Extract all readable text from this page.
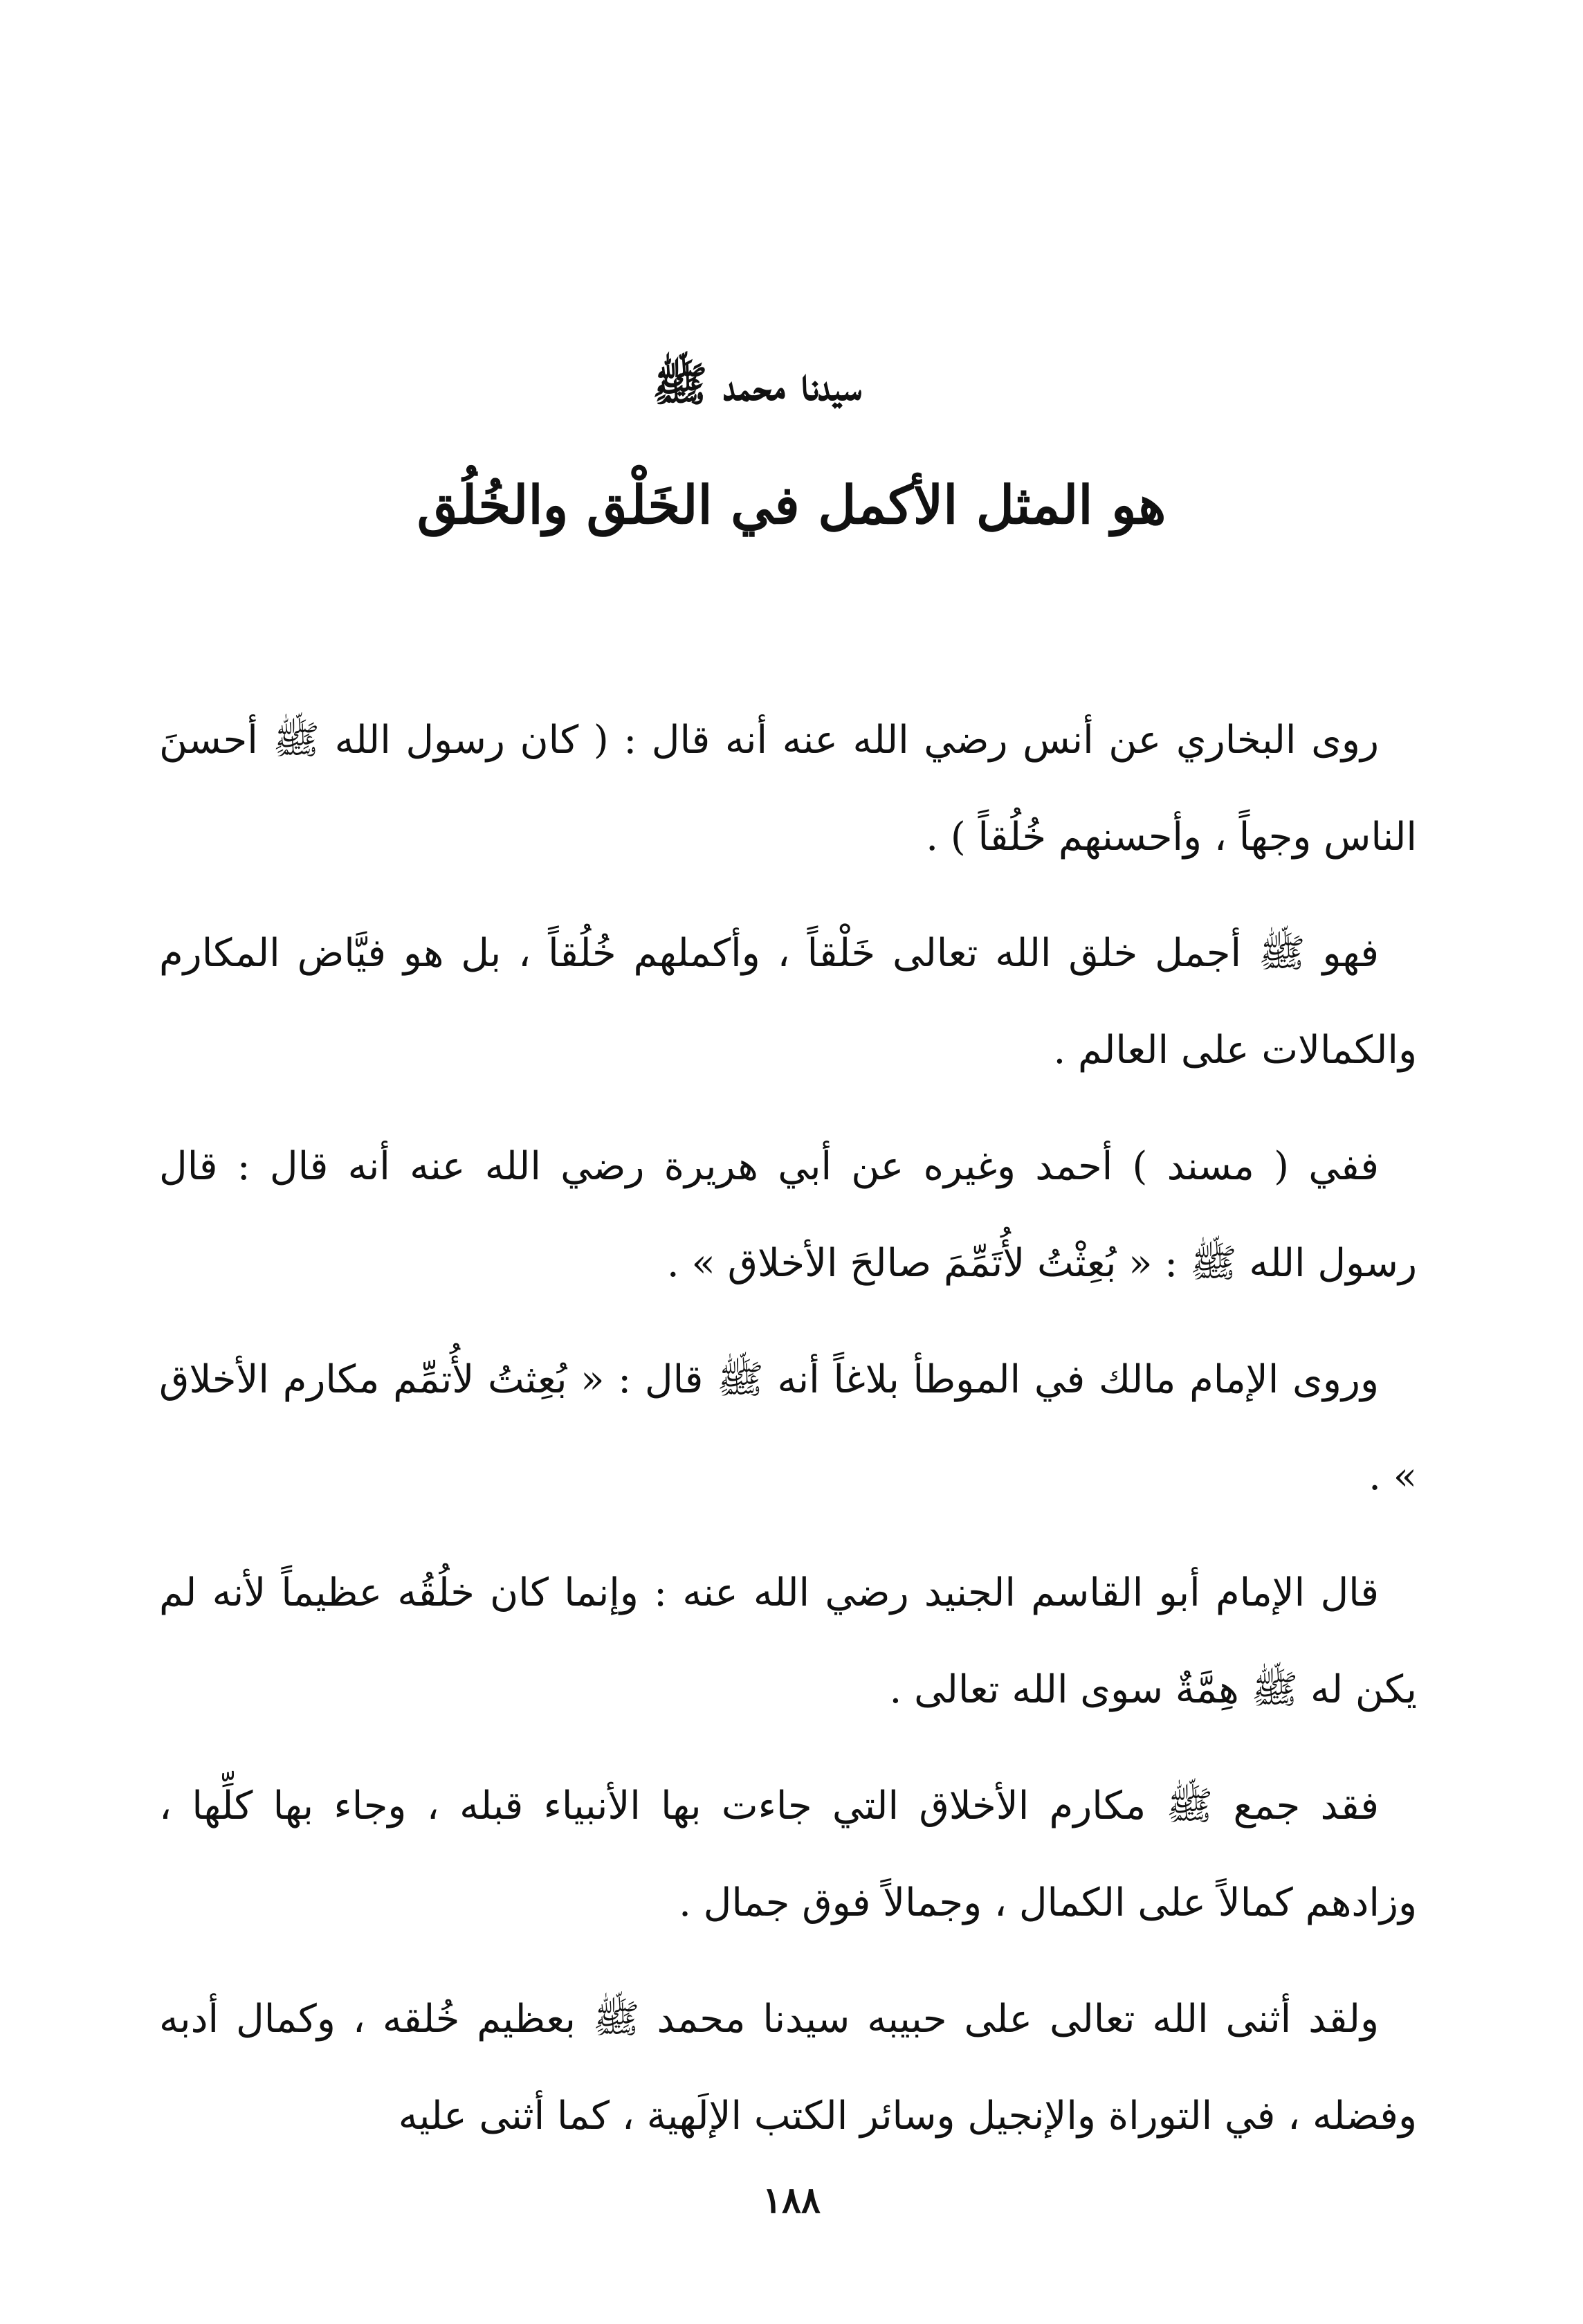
سيدنا محمد ﷺ
هو المثل الأكمل في الخَلْق والخُلُق

روى البخاري عن أنس رضي الله عنه أنه قال : ( كان رسول الله ﷺ أحسنَ الناس وجهاً ، وأحسنهم خُلُقاً ) .

فهو ﷺ أجمل خلق الله تعالى خَلْقاً ، وأكملهم خُلُقاً ، بل هو فيَّاض المكارم والكمالات على العالم .

ففي ( مسند ) أحمد وغيره عن أبي هريرة رضي الله عنه أنه قال : قال رسول الله ﷺ : « بُعِثْتُ لأُتَمِّمَ صالحَ الأخلاق » .

وروى الإمام مالك في الموطأ بلاغاً أنه ﷺ قال : « بُعِثتُ لأُتمِّم مكارم الأخلاق » .

قال الإمام أبو القاسم الجنيد رضي الله عنه : وإنما كان خلُقُه عظيماً لأنه لم يكن له ﷺ هِمَّةٌ سوى الله تعالى .

فقد جمع ﷺ مكارم الأخلاق التي جاءت بها الأنبياء قبله ، وجاء بها كلِّها ، وزادهم كمالاً على الكمال ، وجمالاً فوق جمال .

ولقد أثنى الله تعالى على حبيبه سيدنا محمد ﷺ بعظيم خُلقه ، وكمال أدبه وفضله ، في التوراة والإنجيل وسائر الكتب الإلَهية ، كما أثنى عليه

١٨٨
